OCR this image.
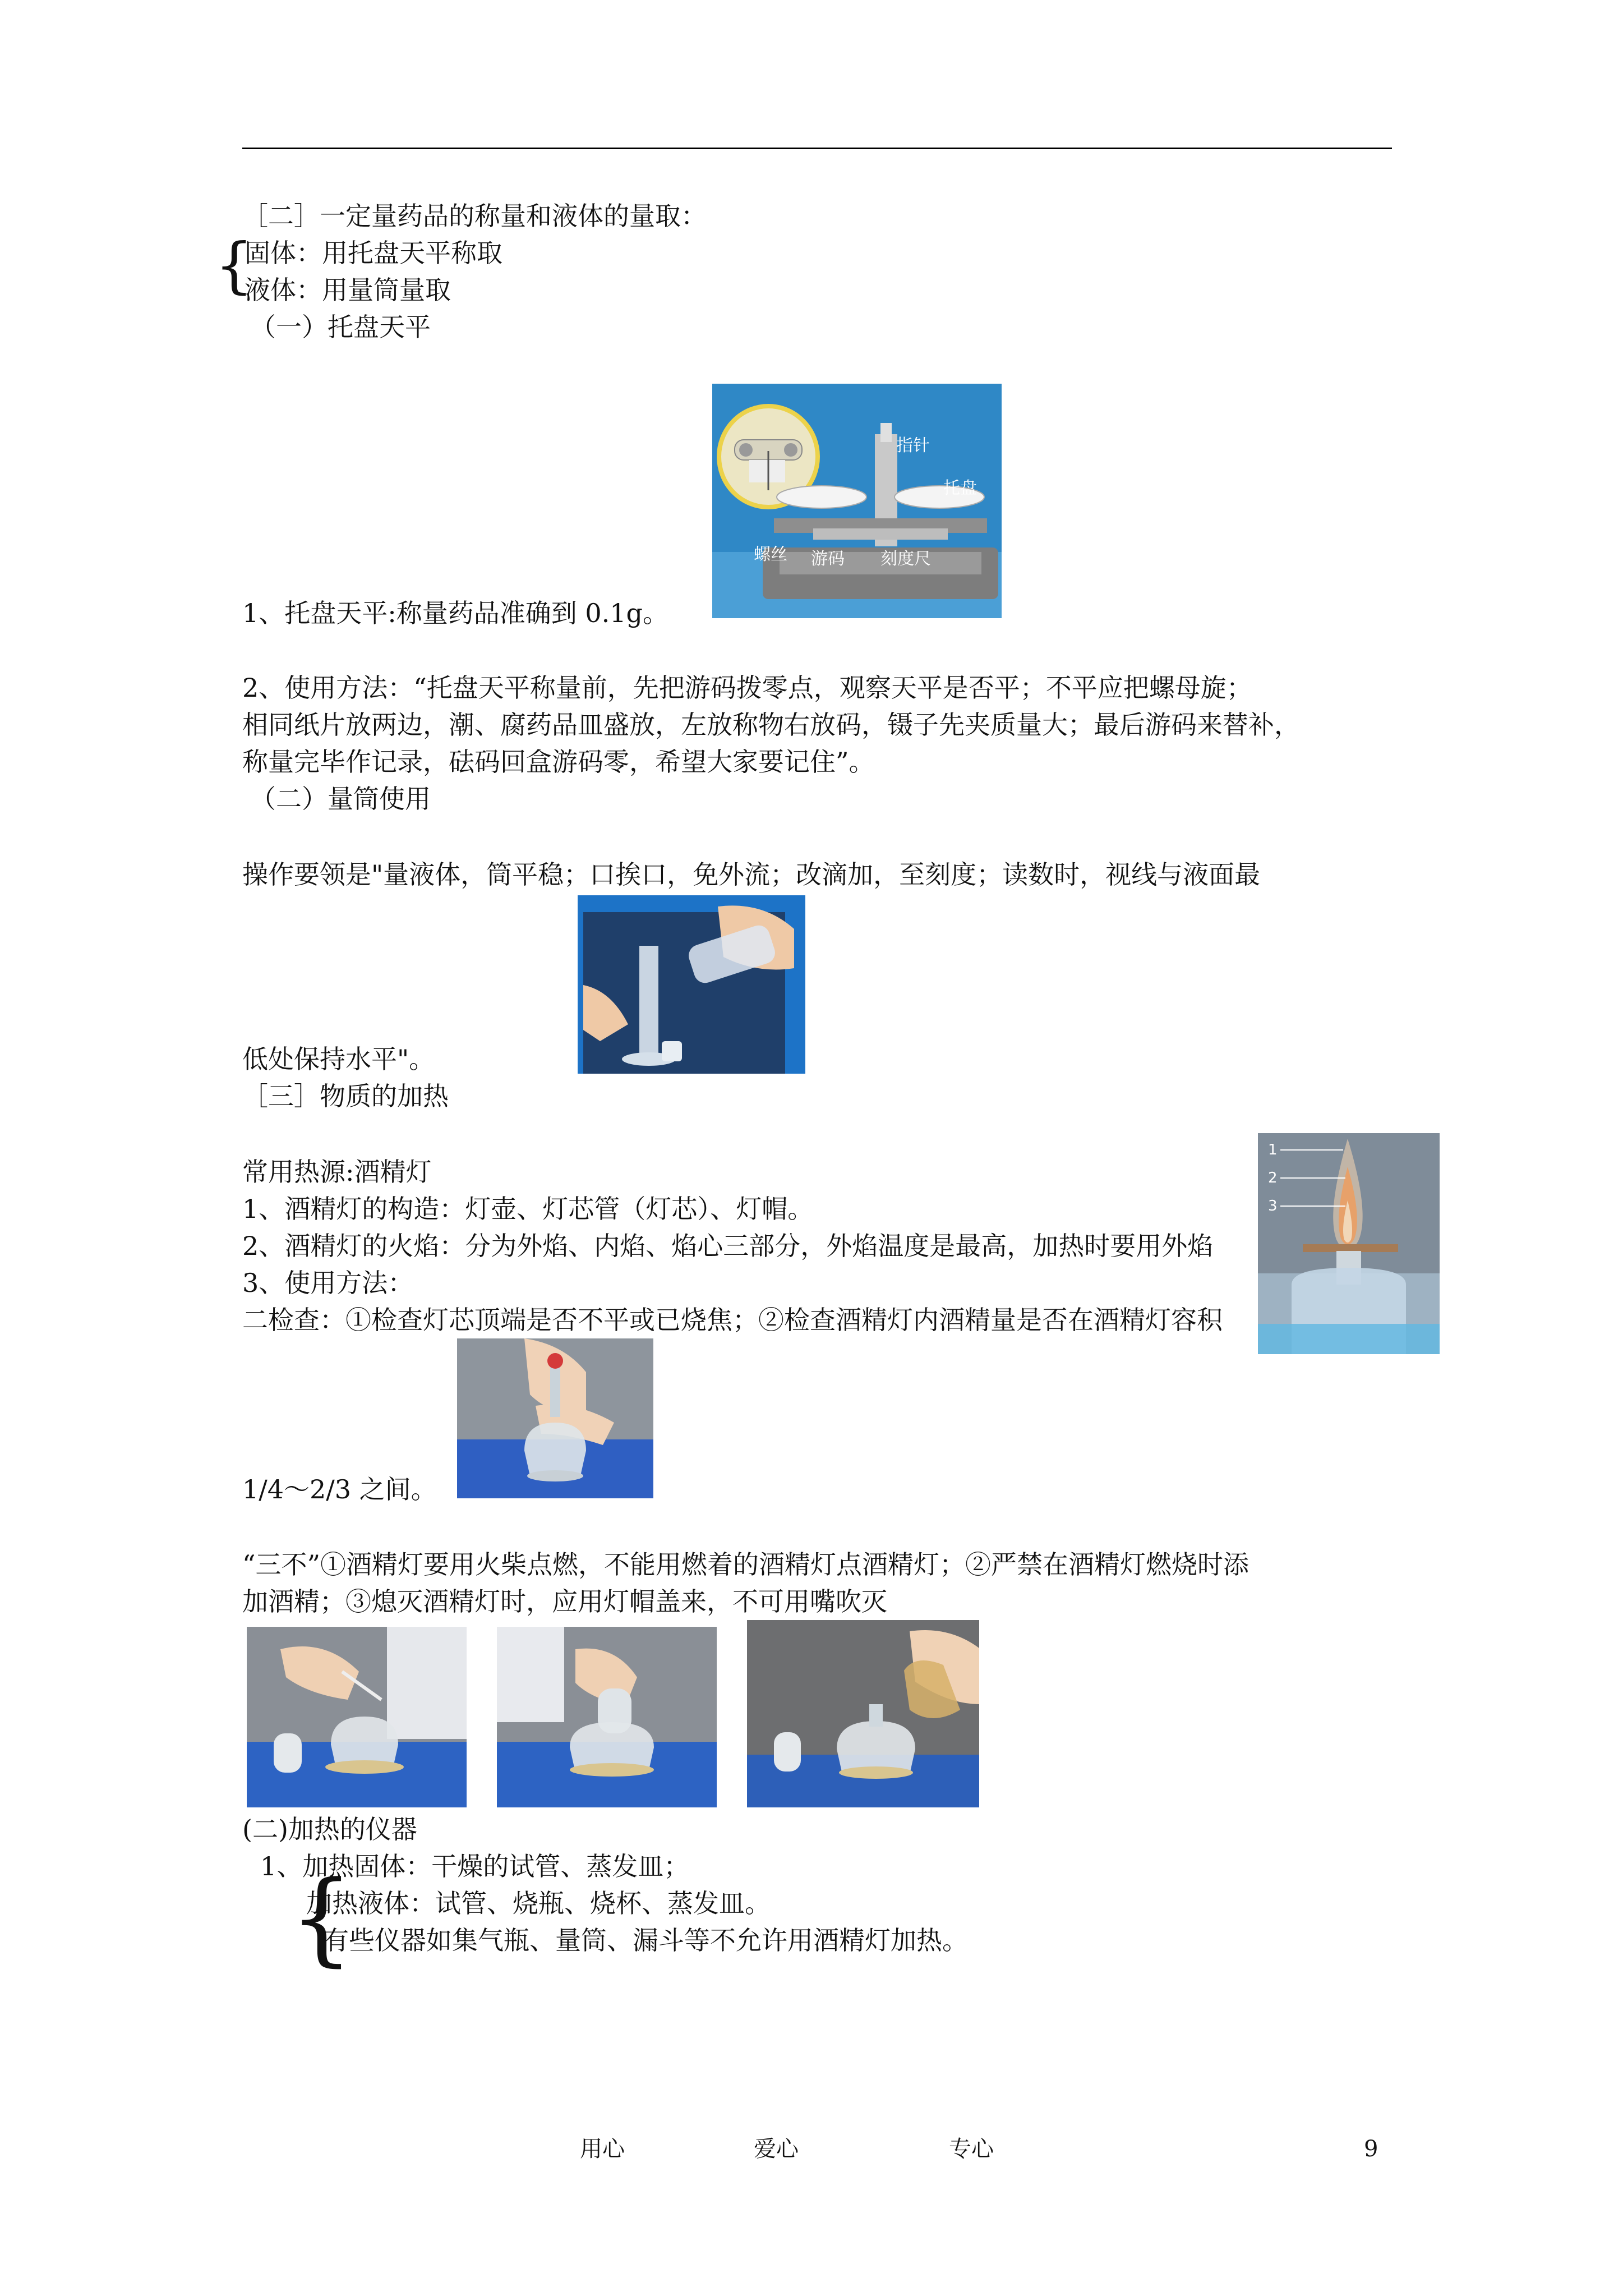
［二］一定量药品的称量和液体的量取：
{
固体：用托盘天平称取
液体：用量筒量取
（一）托盘天平
指针
托盘
螺丝 游码 刻度尺
1、托盘天平:称量药品准确到 0.1g。
2、使用方法：“托盘天平称量前，先把游码拨零点，观察天平是否平；不平应把螺母旋；
相同纸片放两边，潮、腐药品皿盛放，左放称物右放码，镊子先夹质量大；最后游码来替补，
称量完毕作记录，砝码回盒游码零，希望大家要记住”。
（二）量筒使用
操作要领是"量液体，筒平稳；口挨口，免外流；改滴加，至刻度；读数时，视线与液面最
低处保持水平"。
［三］物质的加热
常用热源:酒精灯
1、酒精灯的构造：灯壶、灯芯管（灯芯）、灯帽。
2、酒精灯的火焰：分为外焰、内焰、焰心三部分，外焰温度是最高，加热时要用外焰
3、使用方法：
二检查：①检查灯芯顶端是否不平或已烧焦；②检查酒精灯内酒精量是否在酒精灯容积
1
2
3
1/4～2/3 之间。
“三不”①酒精灯要用火柴点燃，不能用燃着的酒精灯点酒精灯；②严禁在酒精灯燃烧时添
加酒精；③熄灭酒精灯时，应用灯帽盖来，不可用嘴吹灭
(二)加热的仪器
1、加热固体：干燥的试管、蒸发皿；
{
加热液体：试管、烧瓶、烧杯、蒸发皿。
有些仪器如集气瓶、量筒、漏斗等不允许用酒精灯加热。
用心	爱心	专心	9
